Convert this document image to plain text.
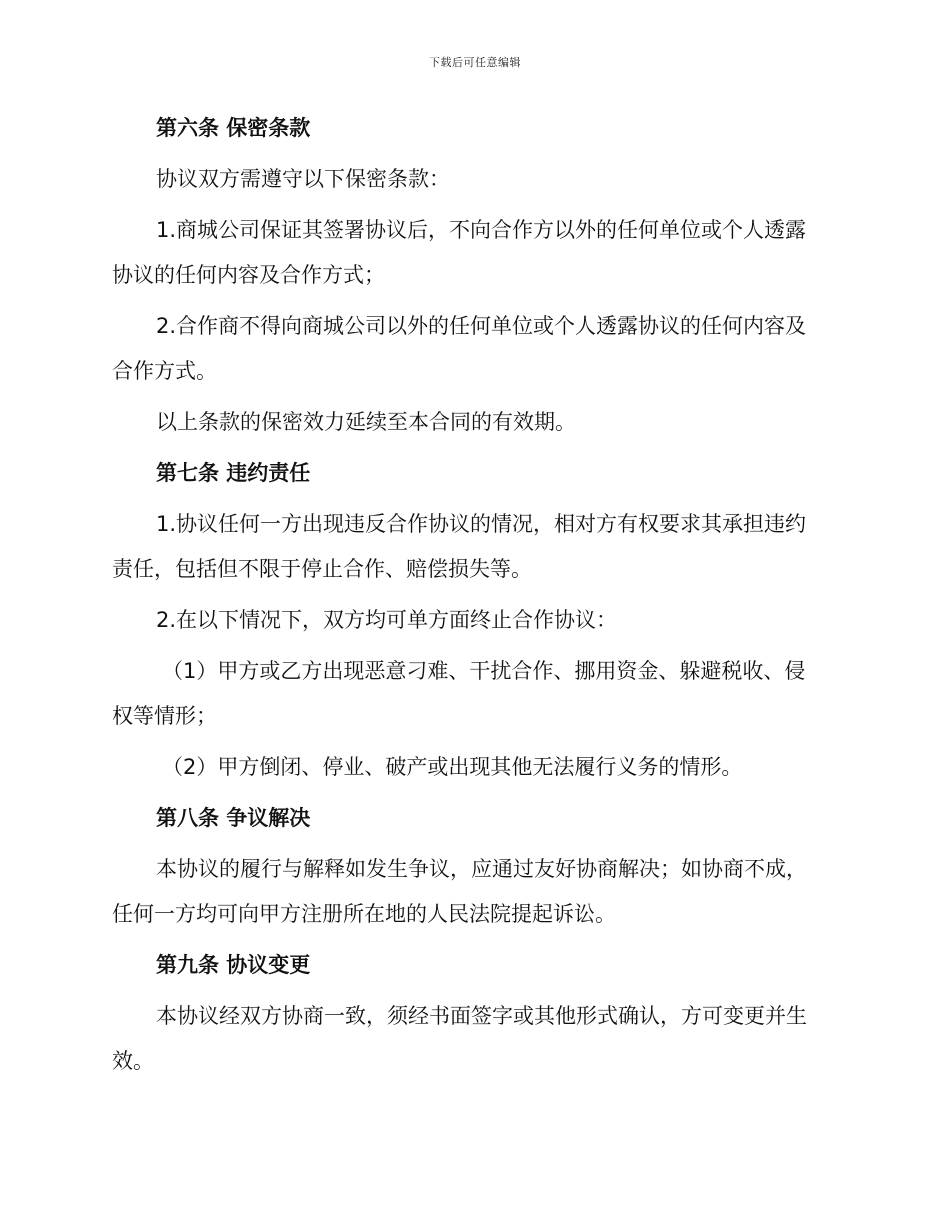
下载后可任意编辑
第六条 保密条款
协议双方需遵守以下保密条款：
1.商城公司保证其签署协议后，不向合作方以外的任何单位或个人透露
协议的任何内容及合作方式；
2.合作商不得向商城公司以外的任何单位或个人透露协议的任何内容及
合作方式。
以上条款的保密效力延续至本合同的有效期。
第七条 违约责任
1.协议任何一方出现违反合作协议的情况，相对方有权要求其承担违约
责任，包括但不限于停止合作、赔偿损失等。
2.在以下情况下，双方均可单方面终止合作协议：
（1）甲方或乙方出现恶意刁难、干扰合作、挪用资金、躲避税收、侵
权等情形；
（2）甲方倒闭、停业、破产或出现其他无法履行义务的情形。
第八条 争议解决
本协议的履行与解释如发生争议，应通过友好协商解决；如协商不成，
任何一方均可向甲方注册所在地的人民法院提起诉讼。
第九条 协议变更
本协议经双方协商一致，须经书面签字或其他形式确认，方可变更并生
效。
